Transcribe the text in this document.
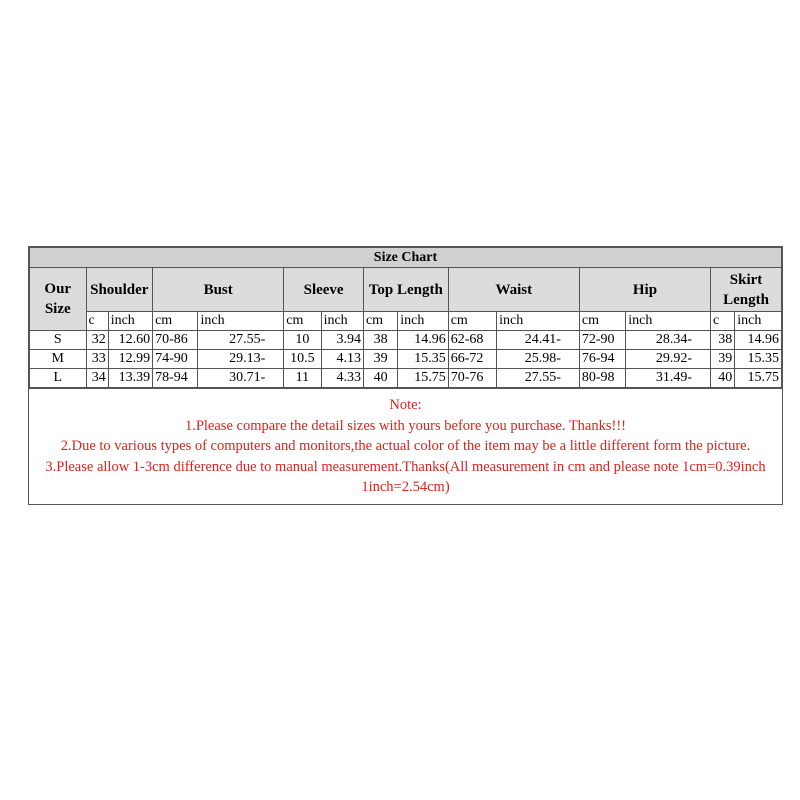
Size Chart														
Our Size	Shoulder		Bust		Sleeve		Top Length		Waist		Hip		Skirt Length	
	c	inch	cm	inch	cm	inch	cm	inch	cm	inch	cm	inch	c	inch
S	32	12.60	70-86	27.55-	10	3.94	38	14.96	62-68	24.41-	72-90	28.34-	38	14.96
M	33	12.99	74-90	29.13-	10.5	4.13	39	15.35	66-72	25.98-	76-94	29.92-	39	15.35
L	34	13.39	78-94	30.71-	11	4.33	40	15.75	70-76	27.55-	80-98	31.49-	40	15.75
Note:
1.Please compare the detail sizes with yours before you purchase. Thanks!!!
2.Due to various types of computers and monitors,the actual color of the item may be a little different form the picture.
3.Please allow 1-3cm difference due to manual measurement.Thanks(All measurement in cm and please note 1cm=0.39inch 1inch=2.54cm)
